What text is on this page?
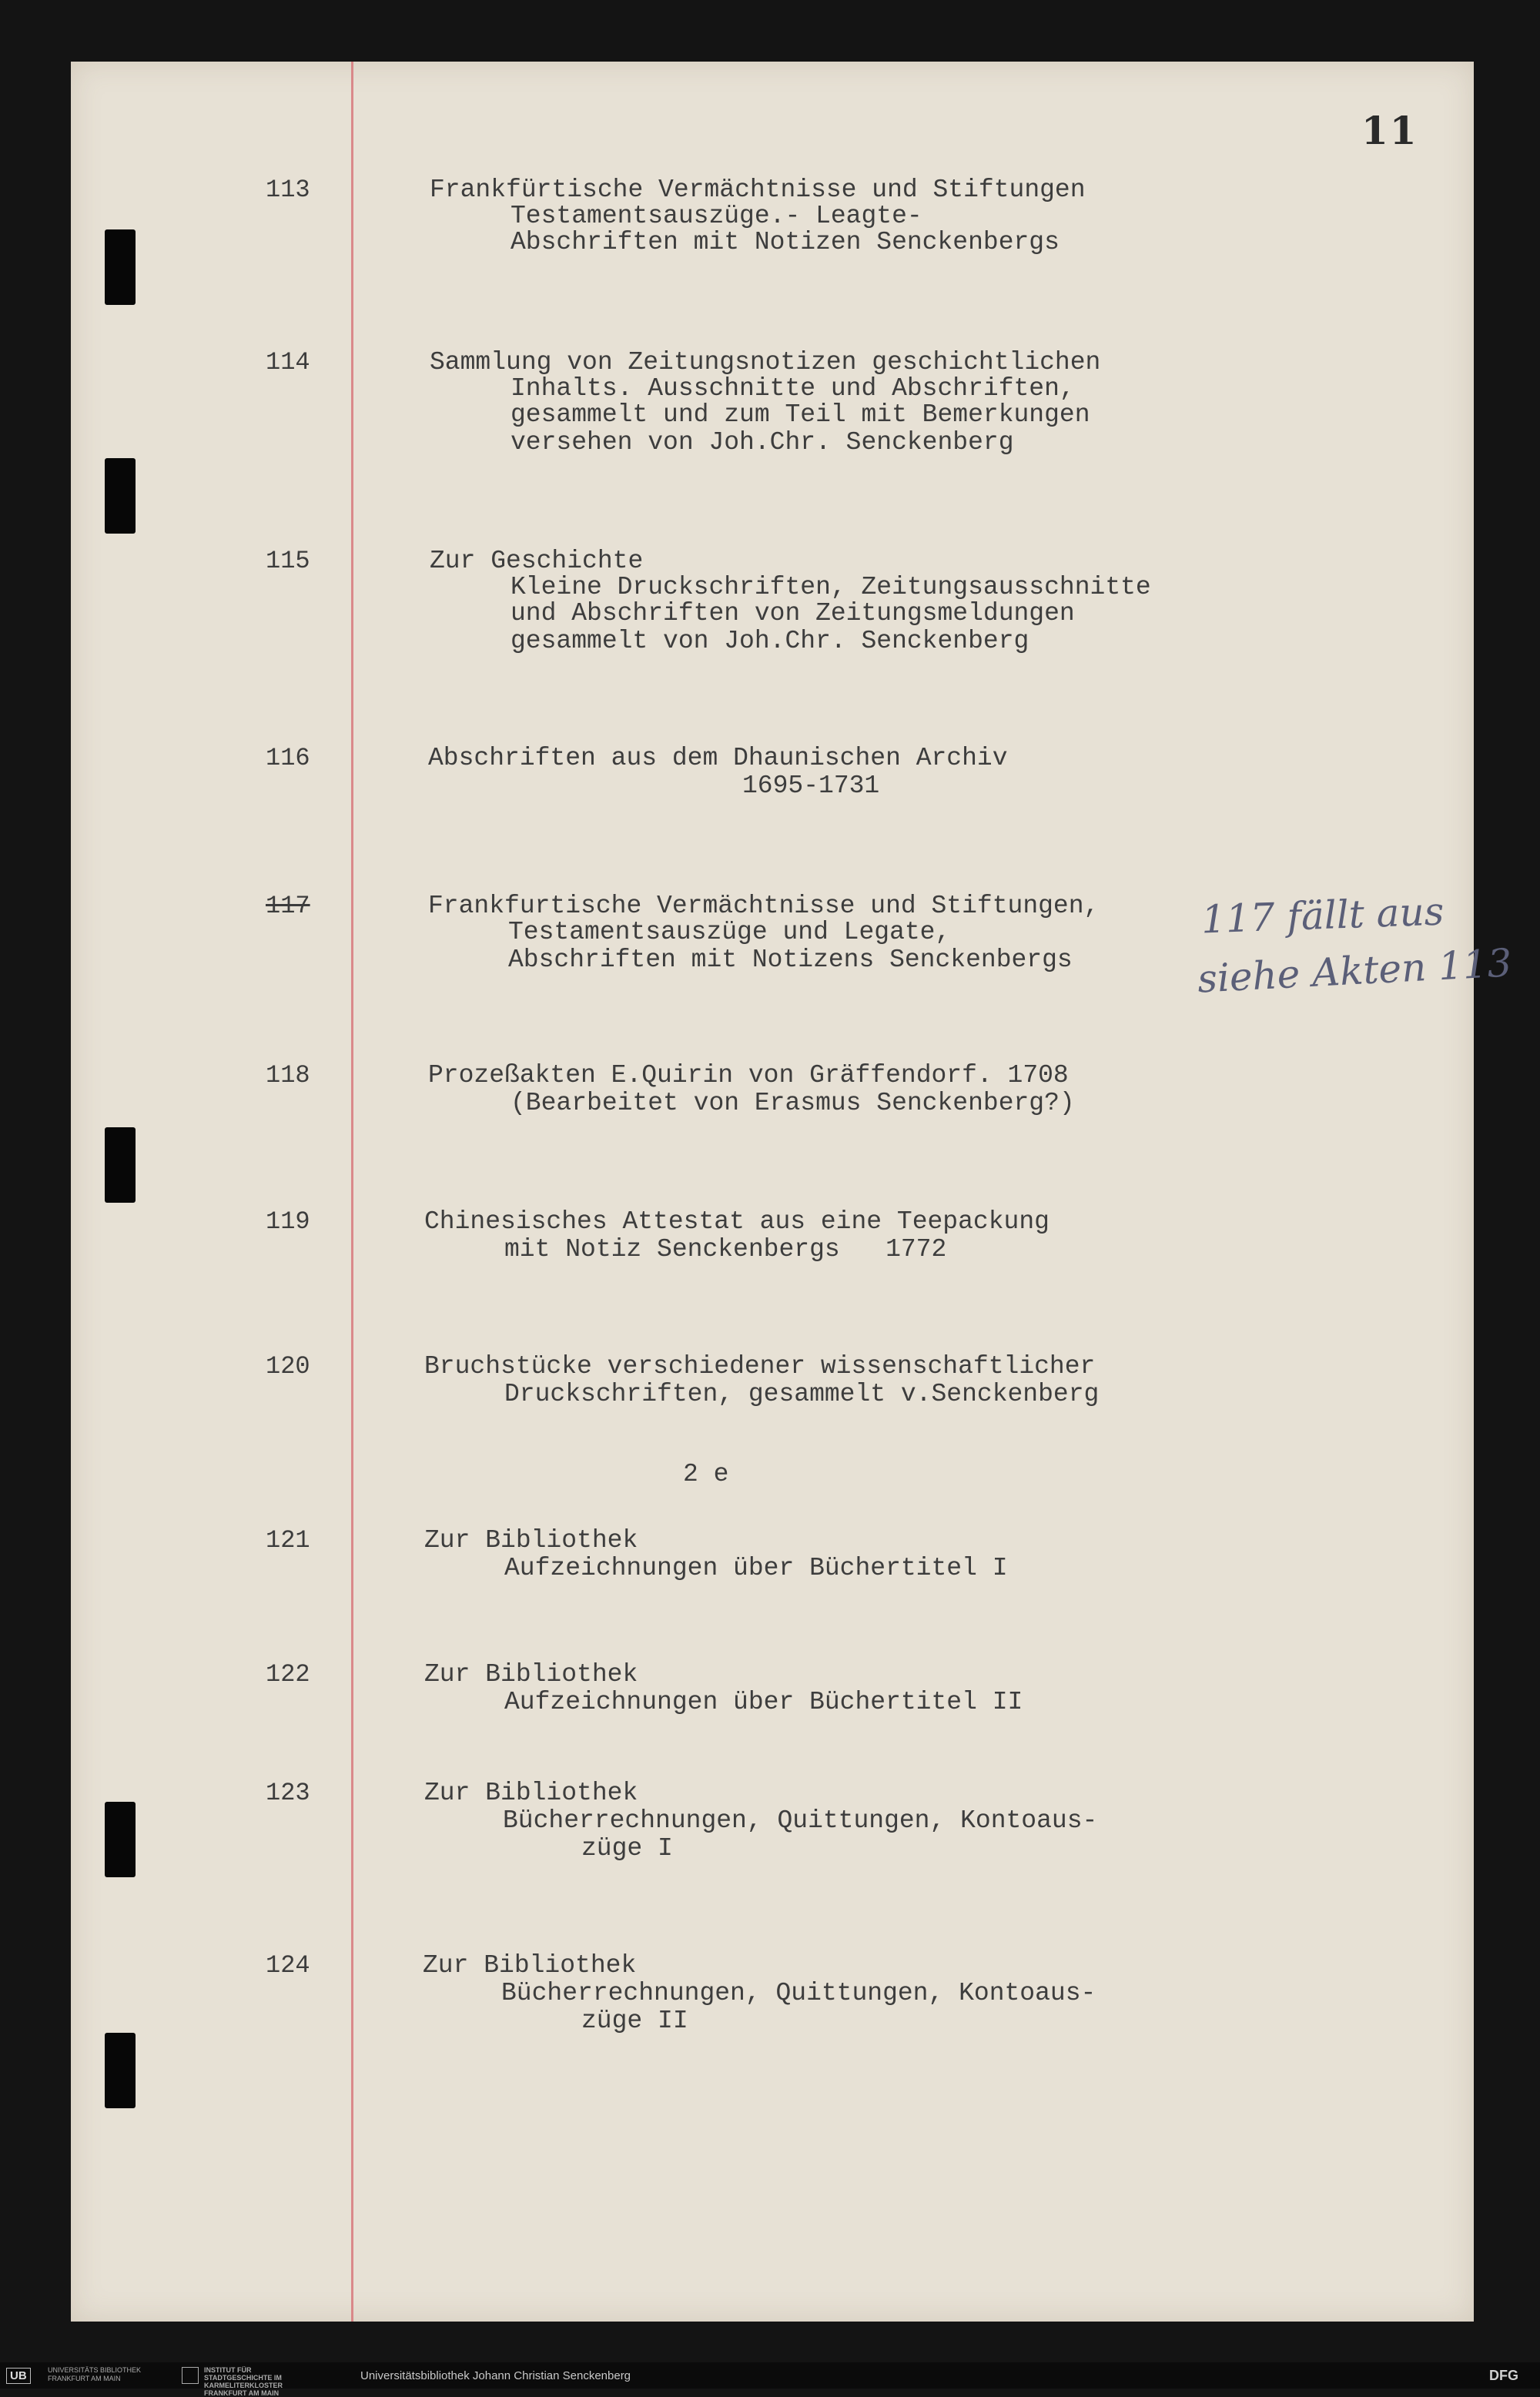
11
113	Frankfürtische Vermächtnisse und Stiftungen
Testamentsauszüge.- Leagte-
Abschriften mit Notizen Senckenbergs
114	Sammlung von Zeitungsnotizen geschichtlichen
Inhalts. Ausschnitte und Abschriften,
gesammelt und zum Teil mit Bemerkungen
versehen von Joh.Chr. Senckenberg
115	Zur Geschichte
Kleine Druckschriften, Zeitungsausschnitte
und Abschriften von Zeitungsmeldungen
gesammelt von Joh.Chr. Senckenberg
116	Abschriften aus dem Dhaunischen Archiv
1695-1731
117	Frankfurtische Vermächtnisse und Stiftungen,
Testamentsauszüge und Legate,
Abschriften mit Notizens Senckenbergs
117 fällt aus
siehe Akten 113
118	Prozeßakten E.Quirin von Gräffendorf. 1708
(Bearbeitet von Erasmus Senckenberg?)
119	Chinesisches Attestat aus eine Teepackung
mit Notiz Senckenbergs   1772
120	Bruchstücke verschiedener wissenschaftlicher
Druckschriften, gesammelt v.Senckenberg
2 e
121	Zur Bibliothek
Aufzeichnungen über Büchertitel I
122	Zur Bibliothek
Aufzeichnungen über Büchertitel II
123	Zur Bibliothek
Bücherrechnungen, Quittungen, Kontoaus-
züge I
124	Zur Bibliothek
Bücherrechnungen, Quittungen, Kontoaus-
züge II
UB	UNIVERSITÄTS BIBLIOTHEK FRANKFURT AM MAIN
INSTITUT FÜR STADTGESCHICHTE IM KARMELITERKLOSTER FRANKFURT AM MAIN
Universitätsbibliothek Johann Christian Senckenberg	DFG
